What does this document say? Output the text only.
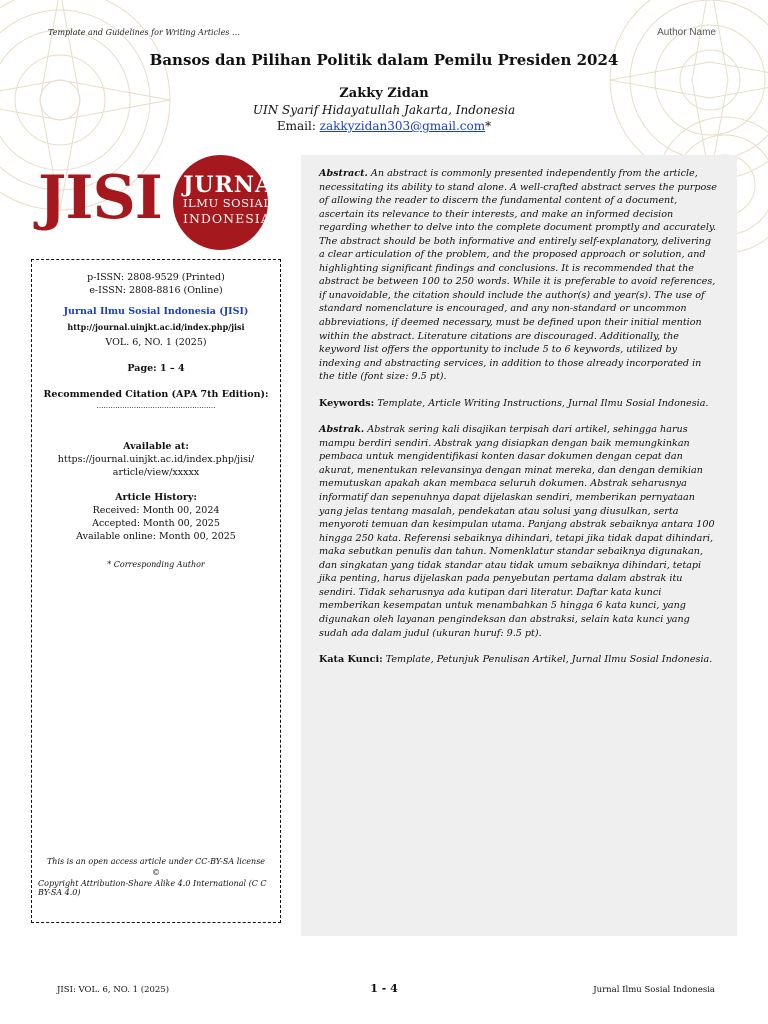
Template and Guidelines for Writing Articles …	Author Name
Bansos dan Pilihan Politik dalam Pemilu Presiden 2024
Zakky Zidan
UIN Syarif Hidayatullah Jakarta, Indonesia
Email: zakkyzidan303@gmail.com*
JISI JURNAL
ILMU SOSIAL
INDONESIA
p-ISSN: 2808-9529 (Printed)
e-ISSN: 2808-8816 (Online)
Jurnal Ilmu Sosial Indonesia (JISI)
http://journal.uinjkt.ac.id/index.php/jisi
VOL. 6, NO. 1 (2025)
Page: 1 – 4
Recommended Citation (APA 7th Edition):
……………………………………………
Available at:
https://journal.uinjkt.ac.id/index.php/jisi/
article/view/xxxxx
Article History:
Received: Month 00, 2024
Accepted: Month 00, 2025
Available online: Month 00, 2025
* Corresponding Author
This is an open access article under CC-BY-SA license
©
Copyright Attribution-Share Alike 4.0 International (C C BY-SA 4.0)

Abstract. An abstract is commonly presented independently from the article, necessitating its ability to stand alone. A well-crafted abstract serves the purpose of allowing the reader to discern the fundamental content of a document, ascertain its relevance to their interests, and make an informed decision regarding whether to delve into the complete document promptly and accurately. The abstract should be both informative and entirely self-explanatory, delivering a clear articulation of the problem, and the proposed approach or solution, and highlighting significant findings and conclusions. It is recommended that the abstract be between 100 to 250 words. While it is preferable to avoid references, if unavoidable, the citation should include the author(s) and year(s). The use of standard nomenclature is encouraged, and any non-standard or uncommon abbreviations, if deemed necessary, must be defined upon their initial mention within the abstract. Literature citations are discouraged. Additionally, the keyword list offers the opportunity to include 5 to 6 keywords, utilized by indexing and abstracting services, in addition to those already incorporated in the title (font size: 9.5 pt).

Keywords: Template, Article Writing Instructions, Jurnal Ilmu Sosial Indonesia.

Abstrak. Abstrak sering kali disajikan terpisah dari artikel, sehingga harus mampu berdiri sendiri. Abstrak yang disiapkan dengan baik memungkinkan pembaca untuk mengidentifikasi konten dasar dokumen dengan cepat dan akurat, menentukan relevansinya dengan minat mereka, dan dengan demikian memutuskan apakah akan membaca seluruh dokumen. Abstrak seharusnya informatif dan sepenuhnya dapat dijelaskan sendiri, memberikan pernyataan yang jelas tentang masalah, pendekatan atau solusi yang diusulkan, serta menyoroti temuan dan kesimpulan utama. Panjang abstrak sebaiknya antara 100 hingga 250 kata. Referensi sebaiknya dihindari, tetapi jika tidak dapat dihindari, maka sebutkan penulis dan tahun. Nomenklatur standar sebaiknya digunakan, dan singkatan yang tidak standar atau tidak umum sebaiknya dihindari, tetapi jika penting, harus dijelaskan pada penyebutan pertama dalam abstrak itu sendiri. Tidak seharusnya ada kutipan dari literatur. Daftar kata kunci memberikan kesempatan untuk menambahkan 5 hingga 6 kata kunci, yang digunakan oleh layanan pengindeksan dan abstraksi, selain kata kunci yang sudah ada dalam judul (ukuran huruf: 9.5 pt).

Kata Kunci: Template, Petunjuk Penulisan Artikel, Jurnal Ilmu Sosial Indonesia.

JISI: VOL. 6, NO. 1 (2025)	1 - 4	Jurnal Ilmu Sosial Indonesia
